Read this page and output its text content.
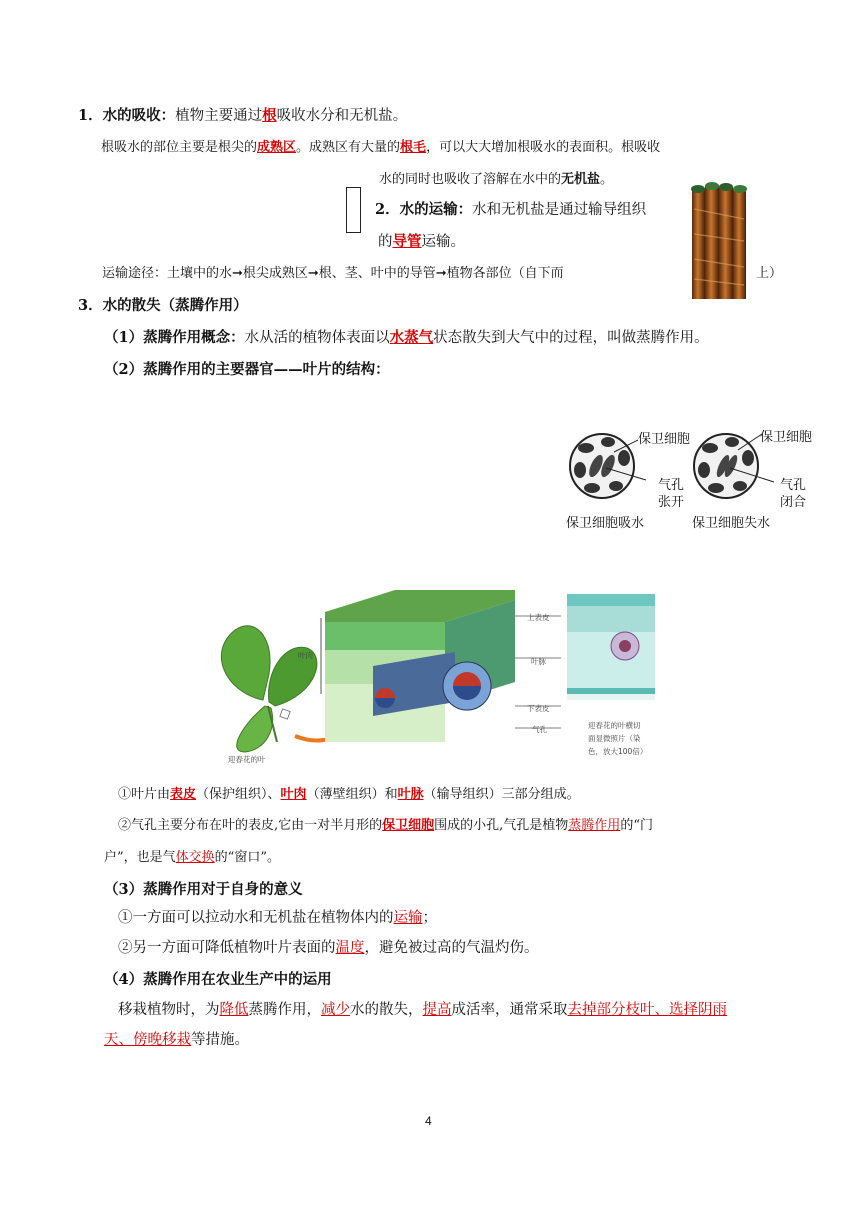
1．水的吸收：植物主要通过根吸收水分和无机盐。
根吸水的部位主要是根尖的成熟区。成熟区有大量的根毛，可以大大增加根吸水的表面积。根吸收
水的同时也吸收了溶解在水中的无机盐。
2．水的运输：水和无机盐是通过输导组织
的导管运输。
运输途径：土壤中的水➞根尖成熟区➞根、茎、叶中的导管➞植物各部位（自下而	上）
3．水的散失（蒸腾作用）
（1）蒸腾作用概念：水从活的植物体表面以水蒸气状态散失到大气中的过程，叫做蒸腾作用。
（2）蒸腾作用的主要器官——叶片的结构：
保卫细胞
气孔
张开
保卫细胞
气孔
闭合
保卫细胞吸水	保卫细胞失水
迎春花的叶
叶肉
上表皮
叶脉
下表皮
气孔	迎春花的叶横切
面显微照片（染
色，放大100倍）
①叶片由表皮（保护组织）、叶肉（薄壁组织）和叶脉（输导组织）三部分组成。
②气孔主要分布在叶的表皮,它由一对半月形的保卫细胞围成的小孔,气孔是植物蒸腾作用的“门
户”，也是气体交换的“窗口”。
（3）蒸腾作用对于自身的意义
①一方面可以拉动水和无机盐在植物体内的运输；
②另一方面可降低植物叶片表面的温度，避免被过高的气温灼伤。
（4）蒸腾作用在农业生产中的运用
移栽植物时，为降低蒸腾作用，减少水的散失，提高成活率，通常采取去掉部分枝叶、选择阴雨
天、傍晚移栽等措施。
4
